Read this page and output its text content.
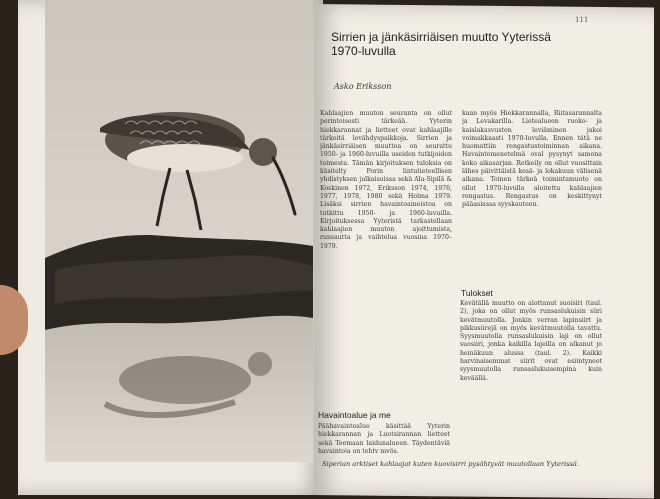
111
Sirrien ja jänkäsirriäisen muutto Yyterissä 1970-luvulla
Asko Eriksson
Kahlaajien muuton seuranta on ollut perinteisesti tärkeää. Yyterin hiekkarannat ja lietteet ovat kahlaajille tärkeitä levähdyspaikkoja. Sirrien ja jänkäsirriäisen muuttoa on seurattu 1950- ja 1960-luvuilla useiden tutkijoiden toimesta. Tämän kirjoituksen tuloksia on käsitelty Porin lintutieteellisen yhdistyksen julkaisuissa sekä Ala-Sipilä & Koskinen 1972, Eriksson 1974, 1976, 1977, 1978, 1980 sekä Holma 1979. Lisäksi sirrien havaintoaineistoa on tutkittu 1950- ja 1960-luvuilla. Kirjoituksessa Yyteristä tarkastellaan kahlaajien muuton ajoittumista, runsautta ja vaihtelua vuosina 1970–1979.
kaan myös Hiekkarannalla, Riitasarannalta ja Levakarilla. Lietealueen ruoko- ja kaislakasvuston leviäminen jakoi voimakkaasti 1970-luvulla. Ennen tätä ne huomattiin rengastustoiminnan aikana. Havaintomenetelmä oval pysynyt samona koko aikasarjan. Retkeily on ollut vuosittain lähes päivittäistä kesä- ja lokakuun välisenä aikana. Toinen tärkeä toimintamuoto on ollut 1970-luvulla aloitettu kahlaajien rengastus. Rengastus on keskittynyt pääasiassa syyskauteen.
Tulokset
Kevätällä muutto on alottanut suoisiri (taul. 2), joka on ollut myös runsaslukuisin siiri kevätmuutolla. Jonkin verran lapinsiirt ja pikkusiirejä on myös kevätmuutolla tavattu. Syysmuutolla runsaslukuisin laji on ollut suosiiri, jonka kaikilla lajeilla on alkanut jo heinäkuun alussa (taul. 2). Kaikki harvinaisemmat siirit ovat esiintyneet syysmuutolla runsaslukuisempina kuin keväällä.
Havaintoalue ja me
Päähavaintoalue käsittää Yyterin hiekkarannan ja Luotsirannan lietteet sekä Teemaan laidunalueen. Täydentäviä havaintoja on tehty myös.
Siperian arktiset kahlaajat kuten kuovisirri pysähtyvät muutollaan Yyterissä.
